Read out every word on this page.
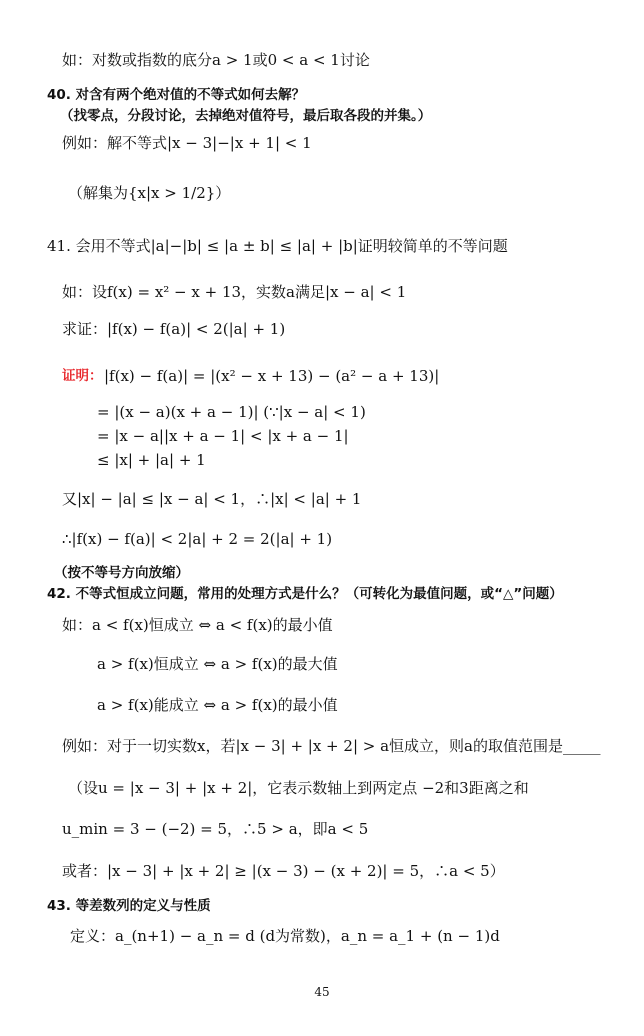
如：对数或指数的底分a > 1或0 < a < 1讨论
40. 对含有两个绝对值的不等式如何去解？
（找零点，分段讨论，去掉绝对值符号，最后取各段的并集。）
例如：解不等式|x − 3|−|x + 1| < 1
（解集为{x|x > 1/2}）
41. 会用不等式|a|−|b| ≤ |a ± b| ≤ |a| + |b|证明较简单的不等问题
如：设f(x) = x² − x + 13，实数a满足|x − a| < 1
求证：|f(x) − f(a)| < 2(|a| + 1)
证明： |f(x) − f(a)| = |(x² − x + 13) − (a² − a + 13)|
= |(x − a)(x + a − 1)| (∵|x − a| < 1)
= |x − a||x + a − 1| < |x + a − 1|
≤ |x| + |a| + 1
又|x| − |a| ≤ |x − a| < 1，∴|x| < |a| + 1
∴|f(x) − f(a)| < 2|a| + 2 = 2(|a| + 1)
（按不等号方向放缩）
42. 不等式恒成立问题，常用的处理方式是什么？（可转化为最值问题，或“△”问题）
如：a < f(x)恒成立 ⇔ a < f(x)的最小值
a > f(x)恒成立 ⇔ a > f(x)的最大值
a > f(x)能成立 ⇔ a > f(x)的最小值
例如：对于一切实数x，若|x − 3| + |x + 2| > a恒成立，则a的取值范围是_____
（设u = |x − 3| + |x + 2|，它表示数轴上到两定点 −2和3距离之和
u_min = 3 − (−2) = 5，∴5 > a，即a < 5
或者：|x − 3| + |x + 2| ≥ |(x − 3) − (x + 2)| = 5，∴a < 5）
43. 等差数列的定义与性质
定义：a_(n+1) − a_n = d (d为常数)，a_n = a_1 + (n − 1)d
45
